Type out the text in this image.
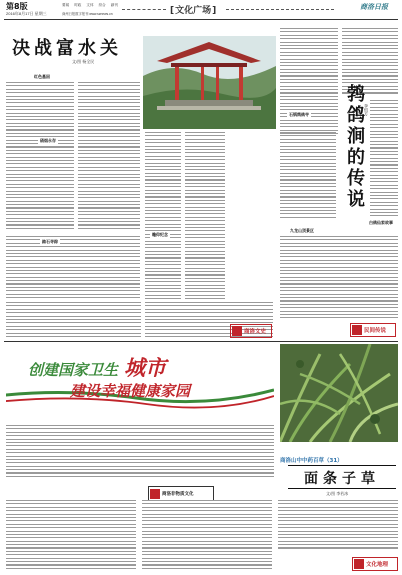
第8版
2016年8月17日 星期三	商州日报数字报刊 www.sznews.cn
要闻 时政 文体 综合 副刊
[文化广场]	商洛日报
决战富水关
文/图 杨全民
红色基因
硝烟永存
踏石寻踪
瞻仰纪念
商洛文史
石锅鹁鸽寺 鹁鸽涧的传说 李绍方
九龙山顶景区
白鸽仙家故事
民间传说
创建国家卫生 城市
建设幸福健康家园
商洛山中中药百草（31）
面条子草
文/图 李若冰
商洛非物质文化
文化地理
